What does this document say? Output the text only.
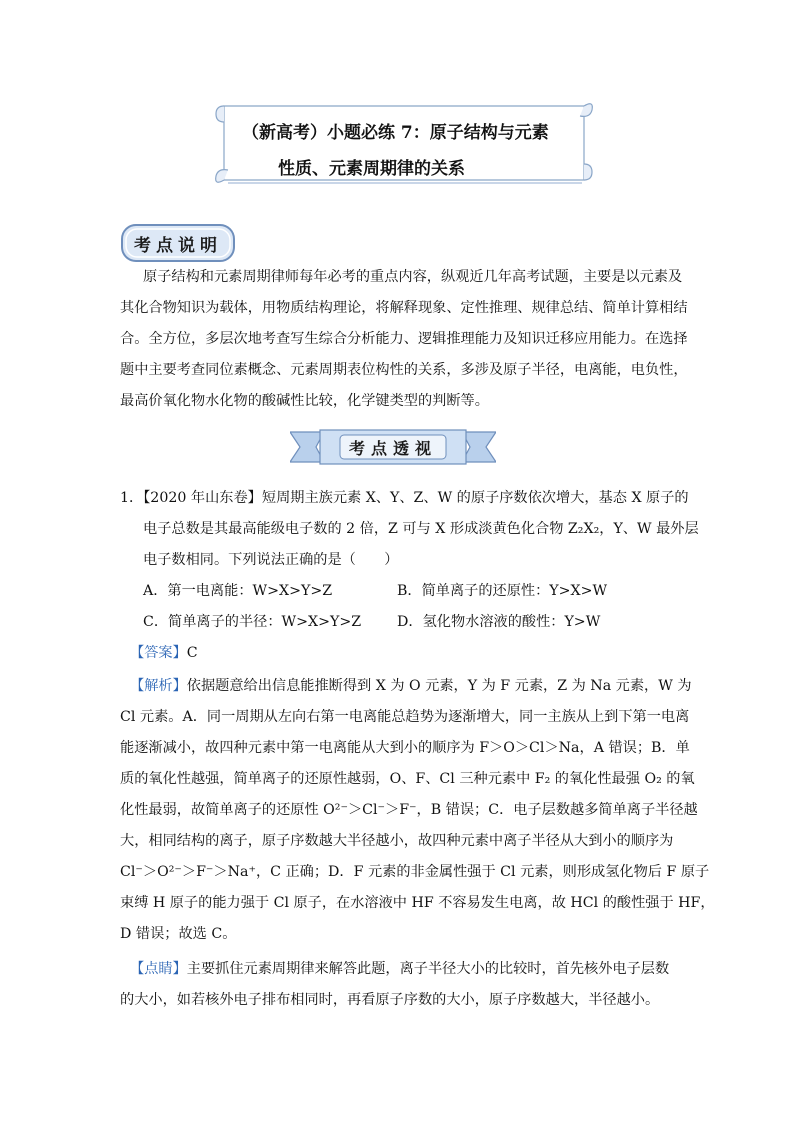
（新高考）小题必练 7：原子结构与元素
性质、元素周期律的关系
考点说明
原子结构和元素周期律师每年必考的重点内容，纵观近几年高考试题，主要是以元素及
其化合物知识为载体，用物质结构理论，将解释现象、定性推理、规律总结、简单计算相结
合。全方位，多层次地考查写生综合分析能力、逻辑推理能力及知识迁移应用能力。在选择
题中主要考查同位素概念、元素周期表位构性的关系，多涉及原子半径，电离能，电负性，
最高价氧化物水化物的酸碱性比较，化学键类型的判断等。
考点透视
1．【2020 年山东卷】短周期主族元素 X、Y、Z、W 的原子序数依次增大，基态 X 原子的
电子总数是其最高能级电子数的 2 倍，Z 可与 X 形成淡黄色化合物 Z₂X₂，Y、W 最外层
电子数相同。下列说法正确的是（　　）
A．第一电离能：W>X>Y>Z	B．简单离子的还原性：Y>X>W
C．简单离子的半径：W>X>Y>Z	D．氢化物水溶液的酸性：Y>W
【答案】C
【解析】依据题意给出信息能推断得到 X 为 O 元素，Y 为 F 元素，Z 为 Na 元素，W 为
Cl 元素。A．同一周期从左向右第一电离能总趋势为逐渐增大，同一主族从上到下第一电离
能逐渐减小，故四种元素中第一电离能从大到小的顺序为 F＞O＞Cl＞Na，A 错误；B．单
质的氧化性越强，简单离子的还原性越弱，O、F、Cl 三种元素中 F₂ 的氧化性最强 O₂ 的氧
化性最弱，故简单离子的还原性 O²⁻＞Cl⁻＞F⁻，B 错误；C．电子层数越多简单离子半径越
大，相同结构的离子，原子序数越大半径越小，故四种元素中离子半径从大到小的顺序为
Cl⁻＞O²⁻＞F⁻＞Na⁺，C 正确；D．F 元素的非金属性强于 Cl 元素，则形成氢化物后 F 原子
束缚 H 原子的能力强于 Cl 原子，在水溶液中 HF 不容易发生电离，故 HCl 的酸性强于 HF，
D 错误；故选 C。
【点睛】主要抓住元素周期律来解答此题，离子半径大小的比较时，首先核外电子层数
的大小，如若核外电子排布相同时，再看原子序数的大小，原子序数越大，半径越小。
